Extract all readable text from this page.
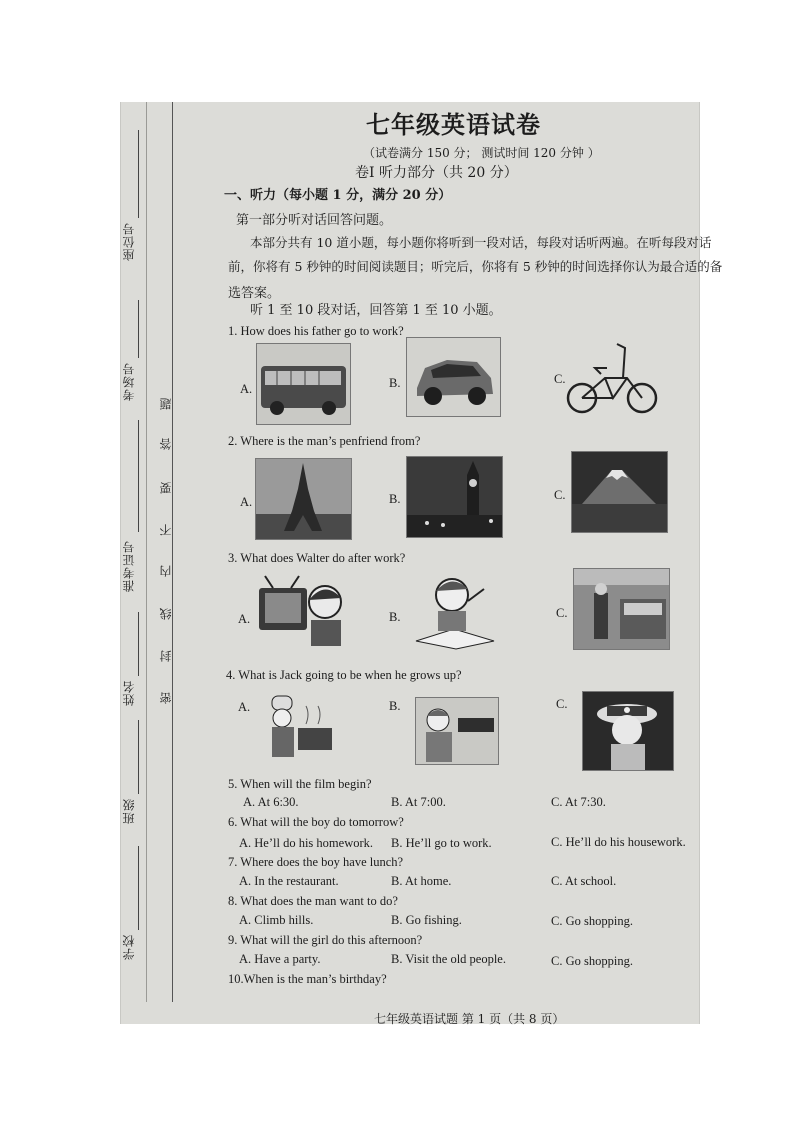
座位号
考场号
准考证号
姓名
班级
学校
题
答
要
不
内
线
封
密
七年级英语试卷
（试卷满分 150 分； 测试时间 120 分钟 ）
卷Ⅰ 听力部分（共 20 分）
一、听力（每小题 1 分，满分 20 分）
第一部分听对话回答问题。
本部分共有 10 道小题，每小题你将听到一段对话，每段对话听两遍。在听每段对话
前，你将有 5 秒钟的时间阅读题目；听完后，你将有 5 秒钟的时间选择你认为最合适的备
选答案。
听 1 至 10 段对话，回答第 1 至 10 小题。
1. How does his father go to work?
A.	B.	C.
2. Where is the man’s penfriend from?
A.	B.	C.
3. What does Walter do after work?
A.	B.	C.
4. What is Jack going to be when he grows up?
A.	B.	C.
5. When will the film begin?
A. At 6:30.	B. At 7:00.	C. At 7:30.
6. What will the boy do tomorrow?
A. He’ll do his homework. B. He’ll go to work.	C. He’ll do his housework.
7. Where does the boy have lunch?
A. In the restaurant.	B. At home.	C. At school.
8. What does the man want to do?
A. Climb hills.	B. Go fishing.	C. Go shopping.
9. What will the girl do this afternoon?
A. Have a party.	B. Visit the old people.	C. Go shopping.
10.When is the man’s birthday?
七年级英语试题 第 1 页（共 8 页）
